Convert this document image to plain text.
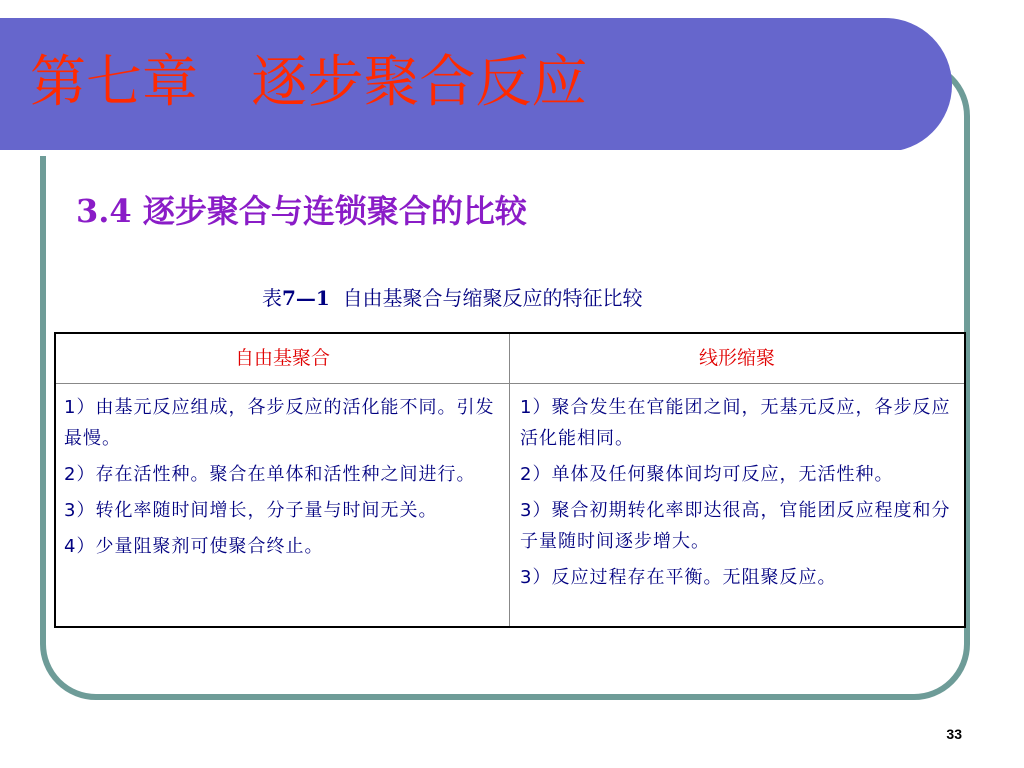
第七章   逐步聚合反应
3.4 逐步聚合与连锁聚合的比较
表7—1 自由基聚合与缩聚反应的特征比较
自由基聚合	线形缩聚

1）由基元反应组成，各步反应的活化能不同。引发最慢。

2）存在活性种。聚合在单体和活性种之间进行。

3）转化率随时间增长，分子量与时间无关。

4）少量阻聚剂可使聚合终止。

1）聚合发生在官能团之间，无基元反应，各步反应活化能相同。

2）单体及任何聚体间均可反应，无活性种。

3）聚合初期转化率即达很高，官能团反应程度和分子量随时间逐步增大。

3）反应过程存在平衡。无阻聚反应。

33
